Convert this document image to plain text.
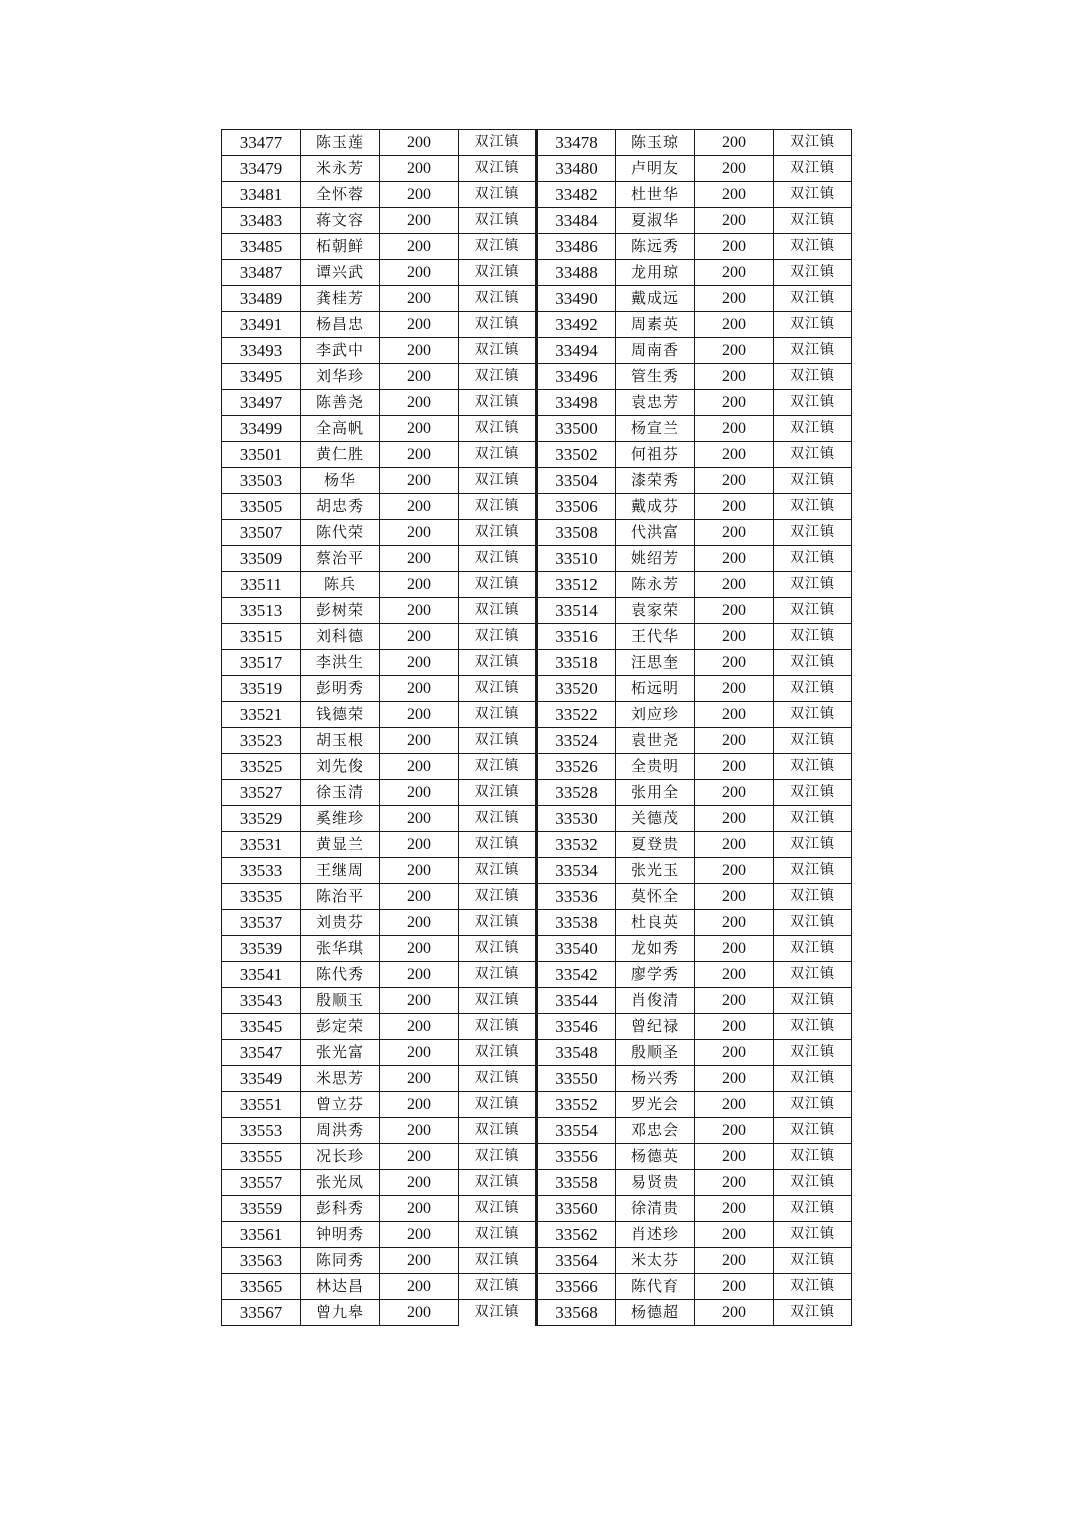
33477	陈玉莲	200	双江镇	33478	陈玉琼	200	双江镇
33479	米永芳	200	双江镇	33480	卢明友	200	双江镇
33481	全怀蓉	200	双江镇	33482	杜世华	200	双江镇
33483	蒋文容	200	双江镇	33484	夏淑华	200	双江镇
33485	柘朝鲜	200	双江镇	33486	陈远秀	200	双江镇
33487	谭兴武	200	双江镇	33488	龙用琼	200	双江镇
33489	龚桂芳	200	双江镇	33490	戴成远	200	双江镇
33491	杨昌忠	200	双江镇	33492	周素英	200	双江镇
33493	李武中	200	双江镇	33494	周南香	200	双江镇
33495	刘华珍	200	双江镇	33496	管生秀	200	双江镇
33497	陈善尧	200	双江镇	33498	袁忠芳	200	双江镇
33499	全高帆	200	双江镇	33500	杨宣兰	200	双江镇
33501	黄仁胜	200	双江镇	33502	何祖芬	200	双江镇
33503	杨华	200	双江镇	33504	漆荣秀	200	双江镇
33505	胡忠秀	200	双江镇	33506	戴成芬	200	双江镇
33507	陈代荣	200	双江镇	33508	代洪富	200	双江镇
33509	蔡治平	200	双江镇	33510	姚绍芳	200	双江镇
33511	陈兵	200	双江镇	33512	陈永芳	200	双江镇
33513	彭树荣	200	双江镇	33514	袁家荣	200	双江镇
33515	刘科德	200	双江镇	33516	王代华	200	双江镇
33517	李洪生	200	双江镇	33518	汪思奎	200	双江镇
33519	彭明秀	200	双江镇	33520	柘远明	200	双江镇
33521	钱德荣	200	双江镇	33522	刘应珍	200	双江镇
33523	胡玉根	200	双江镇	33524	袁世尧	200	双江镇
33525	刘先俊	200	双江镇	33526	全贵明	200	双江镇
33527	徐玉清	200	双江镇	33528	张用全	200	双江镇
33529	奚维珍	200	双江镇	33530	关德茂	200	双江镇
33531	黄显兰	200	双江镇	33532	夏登贵	200	双江镇
33533	王继周	200	双江镇	33534	张光玉	200	双江镇
33535	陈治平	200	双江镇	33536	莫怀全	200	双江镇
33537	刘贵芬	200	双江镇	33538	杜良英	200	双江镇
33539	张华琪	200	双江镇	33540	龙如秀	200	双江镇
33541	陈代秀	200	双江镇	33542	廖学秀	200	双江镇
33543	殷顺玉	200	双江镇	33544	肖俊清	200	双江镇
33545	彭定荣	200	双江镇	33546	曾纪禄	200	双江镇
33547	张光富	200	双江镇	33548	殷顺圣	200	双江镇
33549	米思芳	200	双江镇	33550	杨兴秀	200	双江镇
33551	曾立芬	200	双江镇	33552	罗光会	200	双江镇
33553	周洪秀	200	双江镇	33554	邓忠会	200	双江镇
33555	况长珍	200	双江镇	33556	杨德英	200	双江镇
33557	张光凤	200	双江镇	33558	易贤贵	200	双江镇
33559	彭科秀	200	双江镇	33560	徐清贵	200	双江镇
33561	钟明秀	200	双江镇	33562	肖述珍	200	双江镇
33563	陈同秀	200	双江镇	33564	米太芬	200	双江镇
33565	林达昌	200	双江镇	33566	陈代育	200	双江镇
33567	曾九皋	200	双江镇	33568	杨德超	200	双江镇
